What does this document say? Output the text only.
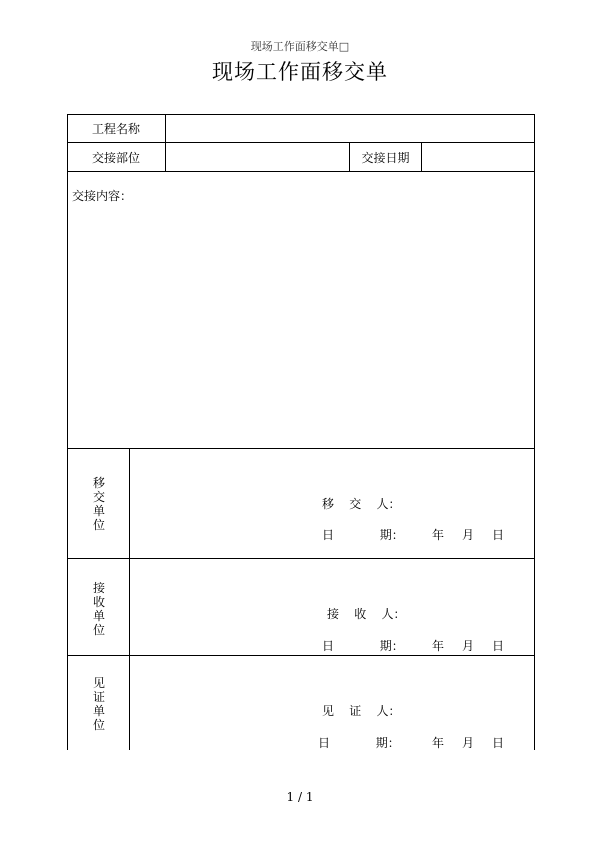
现场工作面移交单□
现场工作面移交单
工程名称
交接部位	交接日期
交接内容：
移
交
单
位
移    交    人：
日            期： 年 月 日
接
收
单
位
接    收    人：
日            期： 年 月 日
见
证
单
位
见    证    人：
日            期：	年 月 日
1 / 1
